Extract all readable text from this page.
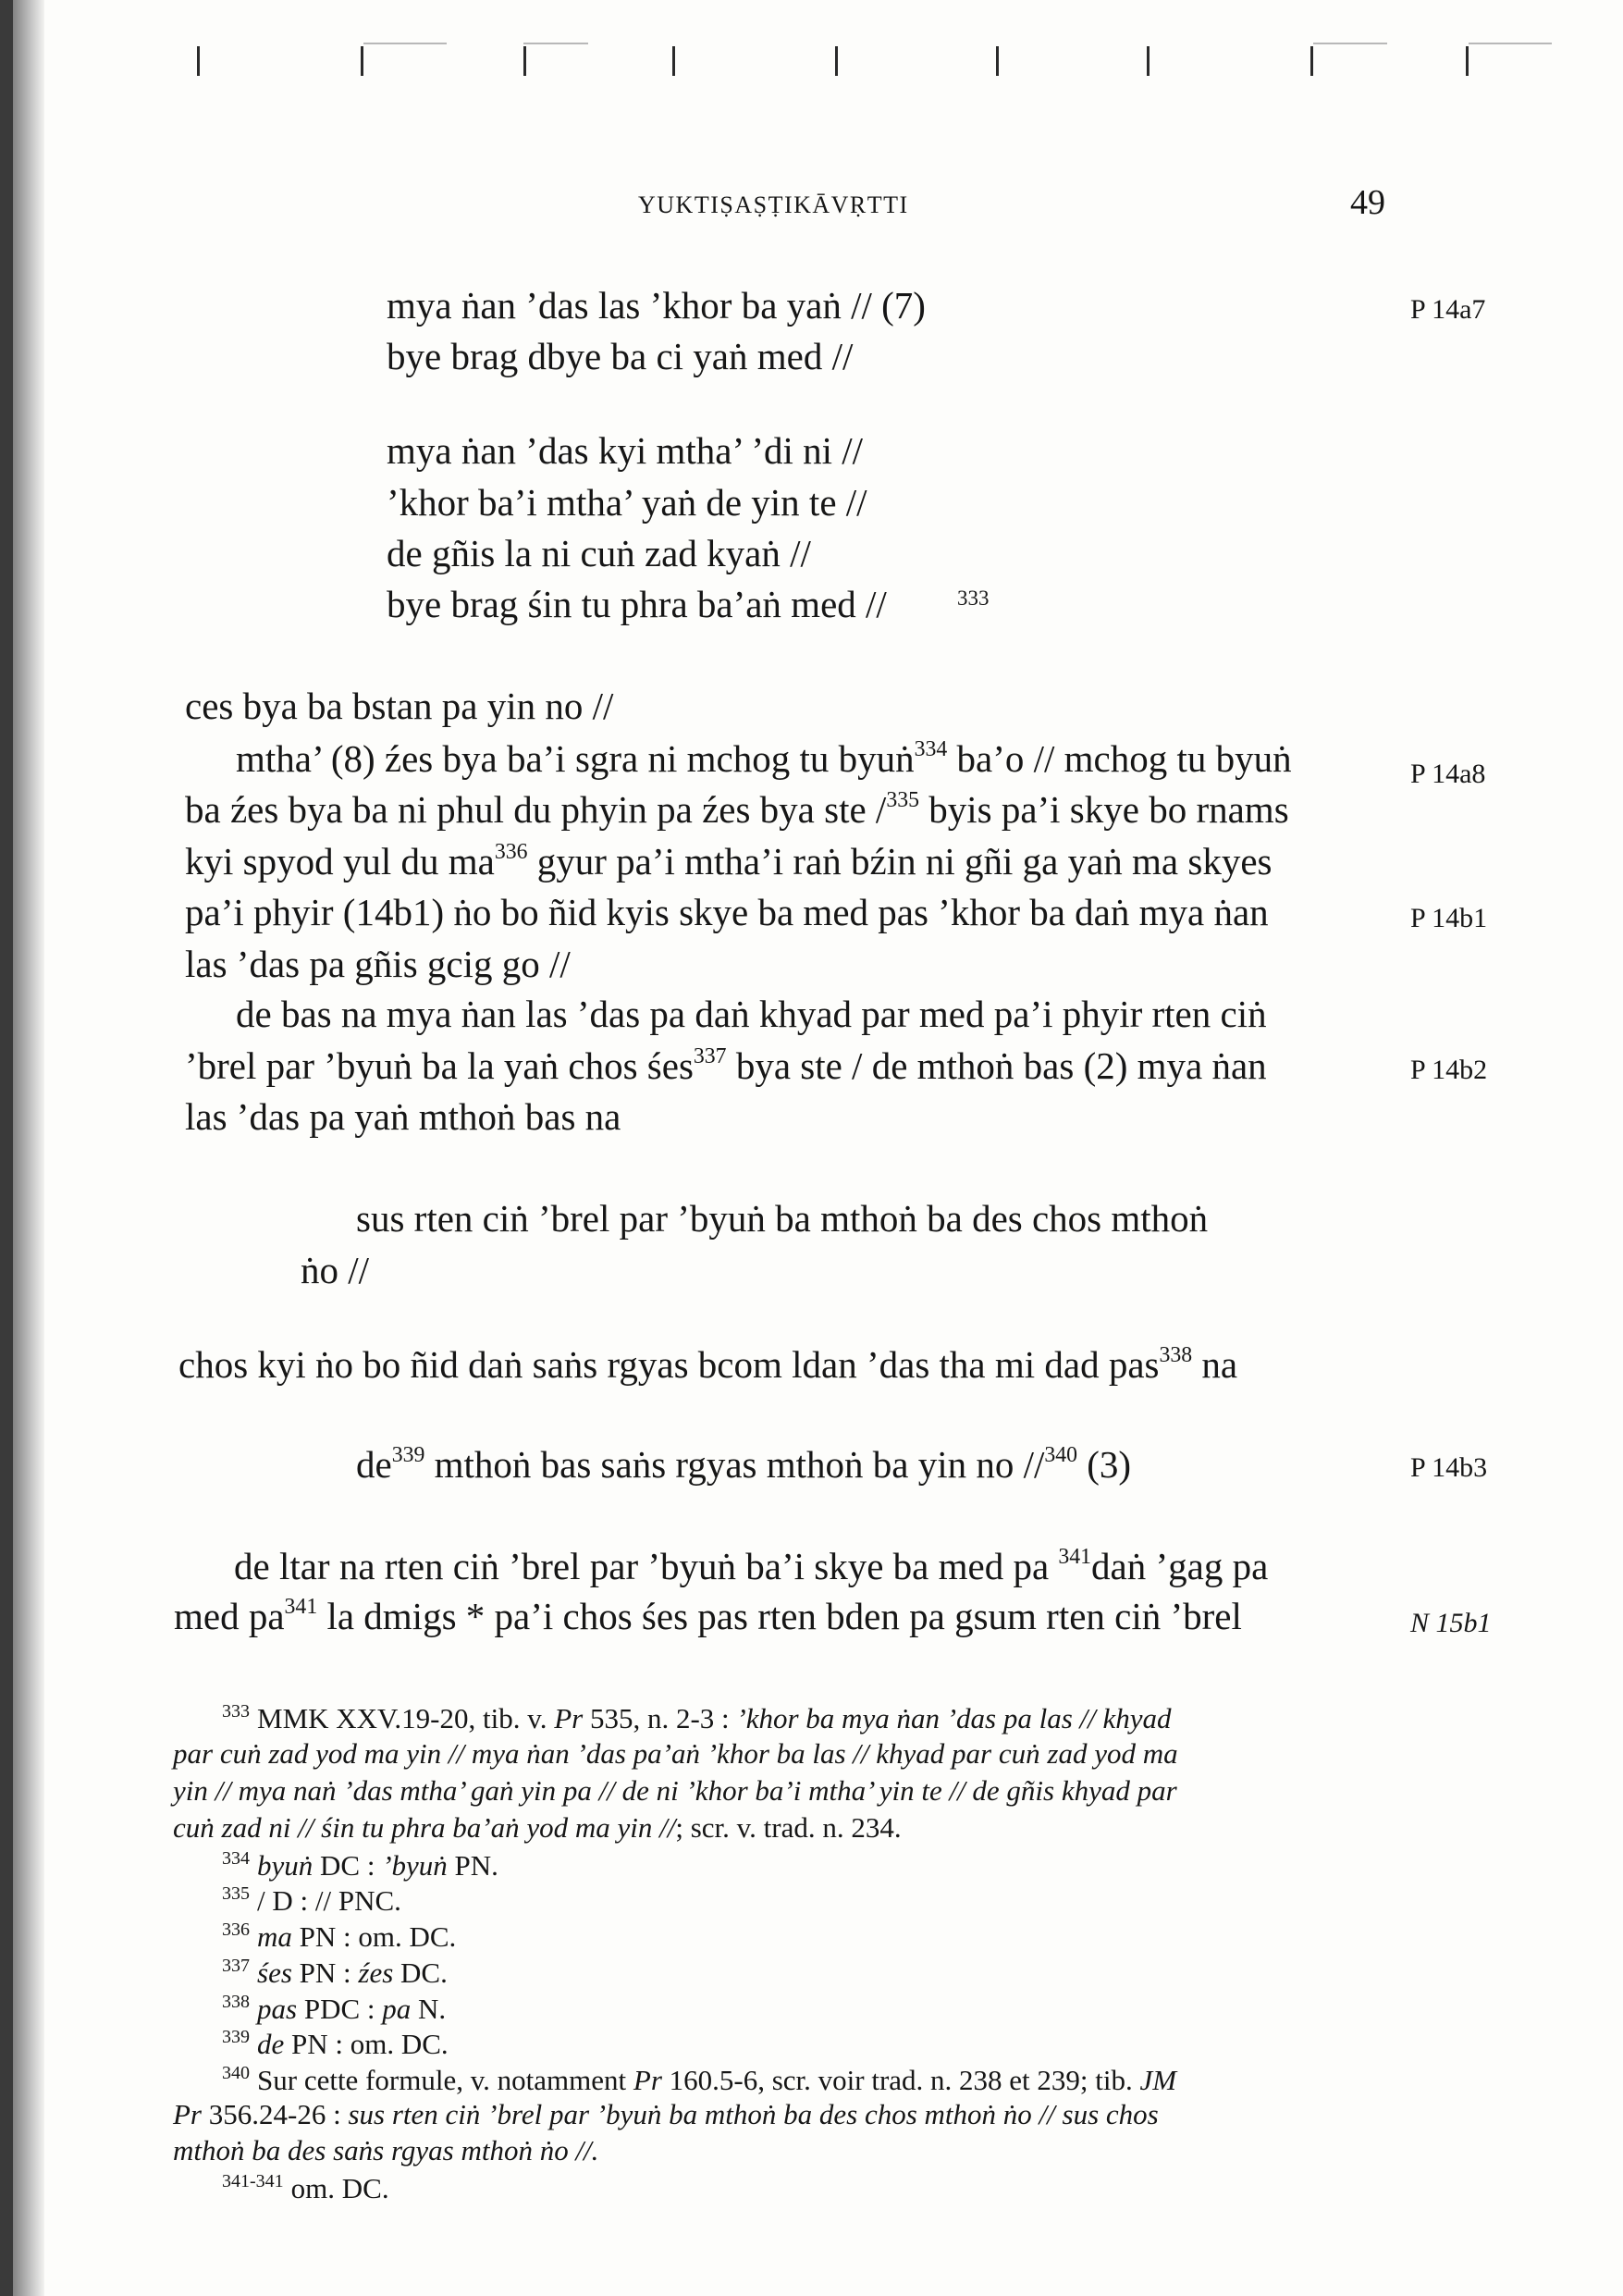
YUKTIṢAṢṬIKĀVṚTTI	49
P 14a7
P 14a8
P 14b1
P 14b2
P 14b3
N 15b1
mya ṅan ’das las ’khor ba yaṅ // (7)
bye brag dbye ba ci yaṅ med //
mya ṅan ’das kyi mtha’ ’di ni //
’khor ba’i mtha’ yaṅ de yin te //
de gñis la ni cuṅ zad kyaṅ //
bye brag śin tu phra ba’aṅ med //	333
ces bya ba bstan pa yin no //
mtha’ (8) źes bya ba’i sgra ni mchog tu byuṅ$^{334}$ ba’o // mchog tu byuṅ
ba źes bya ba ni phul du phyin pa źes bya ste /$^{335}$ byis pa’i skye bo rnams
kyi spyod yul du $ma^{336}$ gyur pa’i mtha’i raṅ bźin ni gñi ga yaṅ ma skyes
pa’i phyir (14b1) ṅo bo ñid kyis skye ba med pas ’khor ba daṅ mya ṅan
las ’das pa gñis gcig go //
de bas na mya ṅan las ’das pa daṅ khyad par med pa’i phyir rten ciṅ
’brel par ’byuṅ ba la yaṅ chos śes$^{337}$ bya ste / de mthoṅ bas (2) mya ṅan
las ’das pa yaṅ mthoṅ bas na
sus rten ciṅ ’brel par ’byuṅ ba mthoṅ ba des chos mthoṅ
ṅo //
chos kyi ṅo bo ñid daṅ saṅs rgyas bcom ldan ’das tha mi dad pas$^{338}$ na
$de^{339}$ mthoṅ bas saṅs rgyas mthoṅ ba yin no //$^{340}$ (3)
de ltar na rten ciṅ ’brel par ’byuṅ ba’i skye ba med pa $^{341}$daṅ ’gag pa
med $pa^{341}$ la dmigs * pa’i chos śes pas rten bden pa gsum rten ciṅ ’brel
$^{333}$ MMK XXV.19-20, tib. v. Pr 535, n. 2-3 : ’khor ba mya ṅan ’das pa las // khyad
par cuṅ zad yod ma yin // mya ṅan ’das pa’aṅ ’khor ba las // khyad par cuṅ zad yod ma
yin // mya naṅ ’das mtha’ gaṅ yin pa // de ni ’khor ba’i mtha’ yin te // de gñis khyad par
cuṅ zad ni // śin tu phra ba’aṅ yod ma yin //; scr. v. trad. n. 234.
$^{334}$ byuṅ DC : ’byuṅ PN.
$^{335}$ / D : // PNC.
$^{336}$ ma PN : om. DC.
$^{337}$ śes PN : źes DC.
$^{338}$ pas PDC : pa N.
$^{339}$ de PN : om. DC.
$^{340}$ Sur cette formule, v. notamment Pr 160.5-6, scr. voir trad. n. 238 et 239; tib. JM
Pr 356.24-26 : sus rten ciṅ ’brel par ’byuṅ ba mthoṅ ba des chos mthoṅ ṅo // sus chos
mthoṅ ba des saṅs rgyas mthoṅ ṅo //.
$^{341-341}$ om. DC.
